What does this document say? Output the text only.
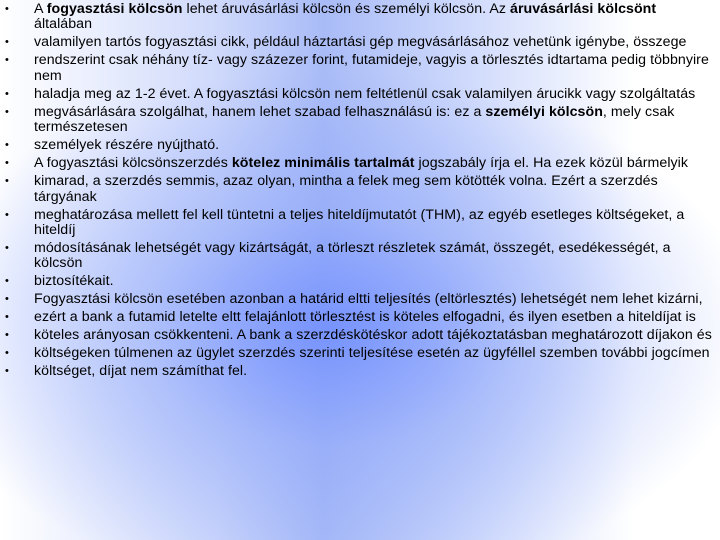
• A fogyasztási kölcsön lehet áruvásárlási kölcsön és személyi kölcsön. Az áruvásárlási kölcsönt általában
• valamilyen tartós fogyasztási cikk, például háztartási gép megvásárlásához vehetünk igénybe, összege
• rendszerint csak néhány tíz- vagy százezer forint, futamideje, vagyis a törlesztés idtartama pedig többnyire nem
• haladja meg az 1-2 évet. A fogyasztási kölcsön nem feltétlenül csak valamilyen árucikk vagy szolgáltatás
• megvásárlására szolgálhat, hanem lehet szabad felhasználású is: ez a személyi kölcsön, mely csak természetesen
• személyek részére nyújtható.
• A fogyasztási kölcsönszerzdés kötelez minimális tartalmát jogszabály írja el. Ha ezek közül bármelyik
• kimarad, a szerzdés semmis, azaz olyan, mintha a felek meg sem kötötték volna. Ezért a szerzdés tárgyának
• meghatározása mellett fel kell tüntetni a teljes hiteldíjmutatót (THM), az egyéb esetleges költségeket, a hiteldíj
• módosításának lehetségét vagy kizártságát, a törleszt részletek számát, összegét, esedékességét, a kölcsön
• biztosítékait.
• Fogyasztási kölcsön esetében azonban a határid eltti teljesítés (eltörlesztés) lehetségét nem lehet kizárni,
• ezért a bank a futamid letelte eltt felajánlott törlesztést is köteles elfogadni, és ilyen esetben a hiteldíjat is
• köteles arányosan csökkenteni. A bank a szerzdéskötéskor adott tájékoztatásban meghatározott díjakon és
• költségeken túlmenen az ügylet szerzdés szerinti teljesítése esetén az ügyféllel szemben további jogcímen
• költséget, díjat nem számíthat fel.
